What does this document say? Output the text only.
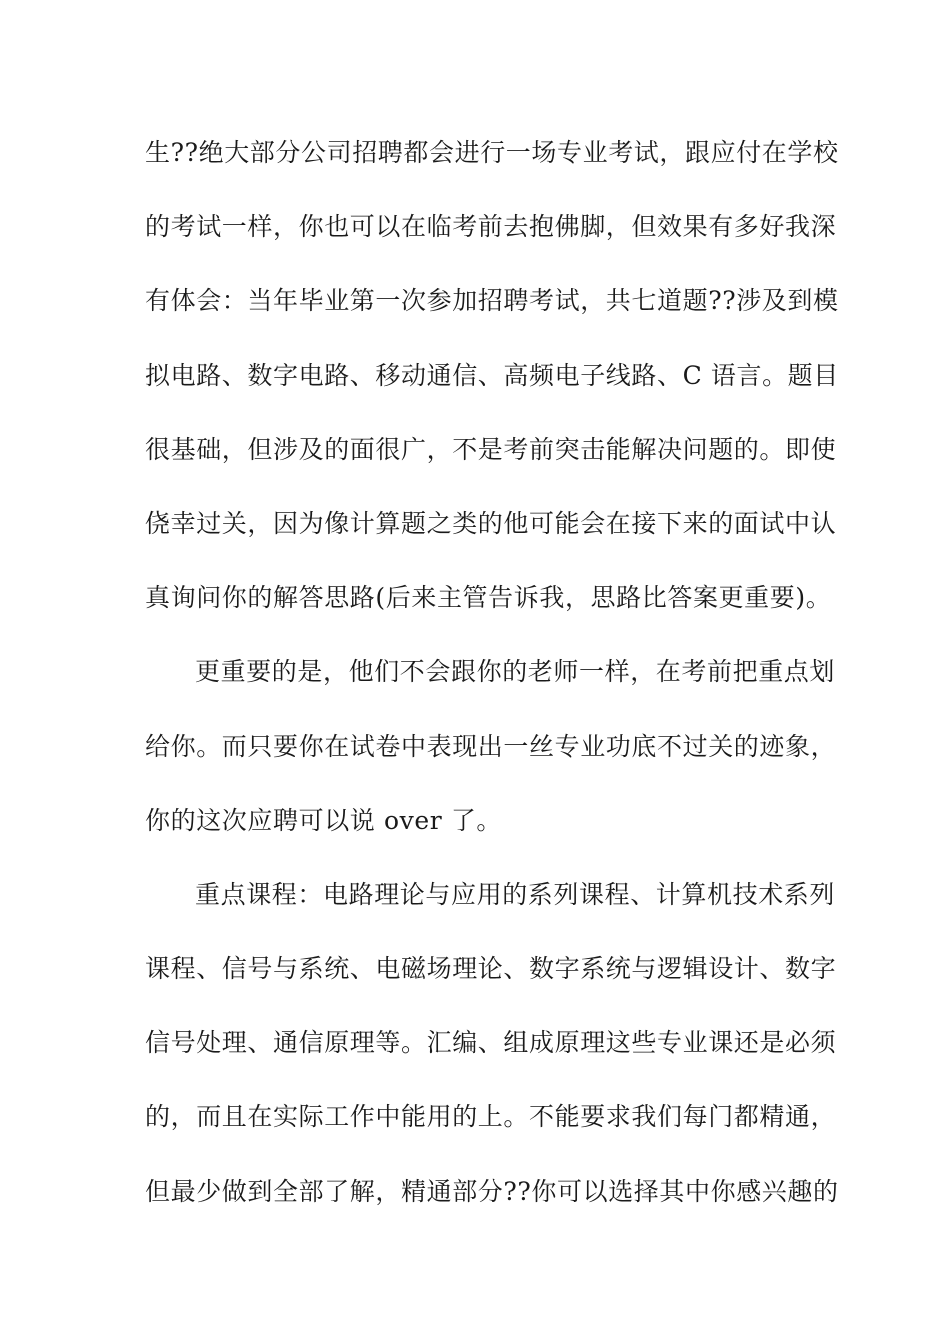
生??绝大部分公司招聘都会进行一场专业考试，跟应付在学校
的考试一样，你也可以在临考前去抱佛脚，但效果有多好我深
有体会：当年毕业第一次参加招聘考试，共七道题??涉及到模
拟电路、数字电路、移动通信、高频电子线路、C 语言。题目
很基础，但涉及的面很广，不是考前突击能解决问题的。即使
侥幸过关，因为像计算题之类的他可能会在接下来的面试中认
真询问你的解答思路(后来主管告诉我，思路比答案更重要)。
更重要的是，他们不会跟你的老师一样，在考前把重点划
给你。而只要你在试卷中表现出一丝专业功底不过关的迹象，
你的这次应聘可以说 over 了。
重点课程：电路理论与应用的系列课程、计算机技术系列
课程、信号与系统、电磁场理论、数字系统与逻辑设计、数字
信号处理、通信原理等。汇编、组成原理这些专业课还是必须
的，而且在实际工作中能用的上。不能要求我们每门都精通，
但最少做到全部了解，精通部分??你可以选择其中你感兴趣的
